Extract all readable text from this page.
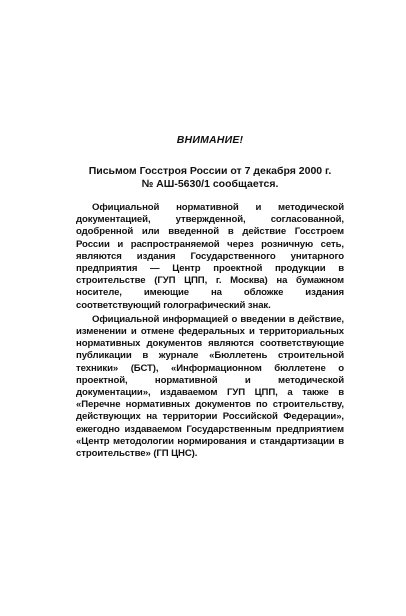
ВНИМАНИЕ!
Письмом Госстроя России от 7 декабря 2000 г.
№ АШ-5630/1 сообщается.

Официальной нормативной и методической документацией, утвержденной, согласованной, одобренной или введенной в действие Госстроем России и распространяемой через розничную сеть, являются издания Государственного унитарного предприятия — Центр проектной продукции в строительстве (ГУП ЦПП, г. Москва) на бумажном носителе, имеющие на обложке издания соответствующий голографический знак.

Официальной информацией о введении в действие, изменении и отмене федеральных и территориальных нормативных документов являются соответствующие публикации в журнале «Бюллетень строительной техники» (БСТ), «Информационном бюллетене о проектной, нормативной и методической документации», издаваемом ГУП ЦПП, а также в «Перечне нормативных документов по строительству, действующих на территории Российской Федерации», ежегодно издаваемом Государственным предприятием «Центр методологии нормирования и стандартизации в строительстве» (ГП ЦНС).
